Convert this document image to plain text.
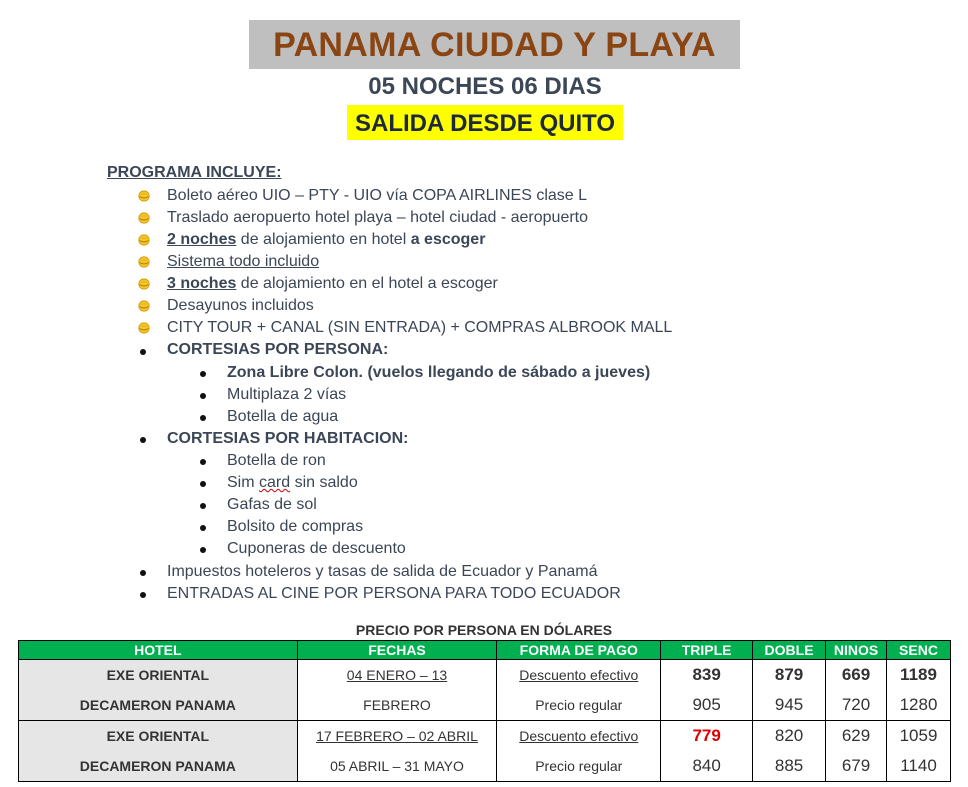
PANAMA CIUDAD Y PLAYA
05 NOCHES 06 DIAS
SALIDA DESDE QUITO
PROGRAMA INCLUYE:
Boleto aéreo UIO – PTY - UIO vía COPA AIRLINES clase L
Traslado aeropuerto hotel playa – hotel ciudad - aeropuerto
2 noches de alojamiento en hotel a escoger
Sistema todo incluido
3 noches de alojamiento en el hotel a escoger
Desayunos incluidos
CITY TOUR + CANAL (SIN ENTRADA) + COMPRAS ALBROOK MALL
CORTESIAS POR PERSONA:
Zona Libre Colon. (vuelos llegando de sábado a jueves)
Multiplaza 2 vías
Botella de agua
CORTESIAS POR HABITACION:
Botella de ron
Sim card sin saldo
Gafas de sol
Bolsito de compras
Cuponeras de descuento
Impuestos hoteleros y tasas de salida de Ecuador y Panamá
ENTRADAS AL CINE POR PERSONA PARA TODO ECUADOR
PRECIO POR PERSONA EN DÓLARES
HOTEL	FECHAS	FORMA DE PAGO	TRIPLE	DOBLE	NINOS	SENC
EXE ORIENTAL	04 ENERO – 13	Descuento efectivo	839	879	669	1189
DECAMERON PANAMA	FEBRERO	Precio regular	905	945	720	1280
EXE ORIENTAL	17 FEBRERO – 02 ABRIL	Descuento efectivo	779	820	629	1059
DECAMERON PANAMA	05 ABRIL – 31 MAYO	Precio regular	840	885	679	1140
